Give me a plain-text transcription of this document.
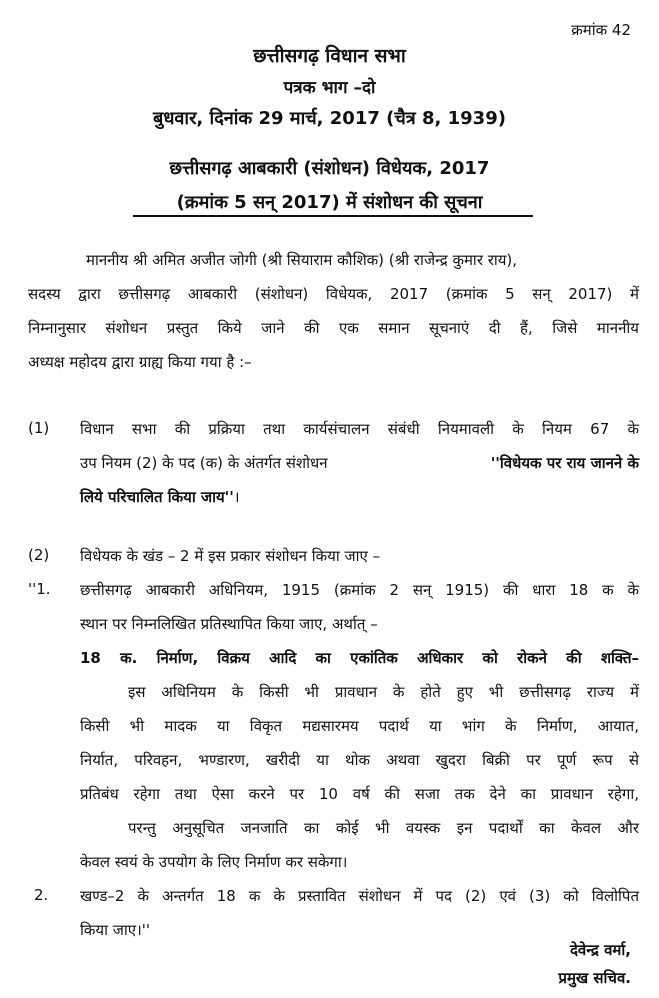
क्रमांक 42
छत्तीसगढ़ विधान सभा
पत्रक भाग –दो
बुधवार, दिनांक 29 मार्च, 2017 (चैत्र 8, 1939)
छत्तीसगढ़ आबकारी (संशोधन) विधेयक, 2017
(क्रमांक 5 सन् 2017) में संशोधन की सूचना
माननीय श्री अमित अजीत जोगी (श्री सियाराम कौशिक) (श्री राजेन्द्र कुमार राय),
सदस्य द्वारा छत्तीसगढ़ आबकारी (संशोधन) विधेयक, 2017 (क्रमांक 5 सन् 2017) में
निम्नानुसार संशोधन प्रस्तुत किये जाने की एक समान सूचनाएं दी हैं, जिसे माननीय
अध्यक्ष महोदय द्वारा ग्राह्य किया गया है :–
(1) विधान सभा की प्रक्रिया तथा कार्यसंचालन संबंधी नियमावली के नियम 67 के
उप नियम (2) के पद (क) के अंतर्गत संशोधन	''विधेयक पर राय जानने के
लिये परिचालित किया जाय''।
(2) विधेयक के खंड – 2 में इस प्रकार संशोधन किया जाए –
''1. छत्तीसगढ़ आबकारी अधिनियम, 1915 (क्रमांक 2 सन् 1915) की धारा 18 क के
स्थान पर निम्नलिखित प्रतिस्थापित किया जाए, अर्थात् –
18 क. निर्माण, विक्रय आदि का एकांतिक अधिकार को रोकने की शक्ति–
इस अधिनियम के किसी भी प्रावधान के होते हुए भी छत्तीसगढ़ राज्य में
किसी भी मादक या विकृत मद्यसारमय पदार्थ या भांग के निर्माण, आयात,
निर्यात, परिवहन, भण्डारण, खरीदी या थोक अथवा खुदरा बिक्री पर पूर्ण रूप से
प्रतिबंध रहेगा तथा ऐसा करने पर 10 वर्ष की सजा तक देने का प्रावधान रहेगा,
परन्तु अनुसूचित जनजाति का कोई भी वयस्क इन पदार्थों का केवल और
केवल स्वयं के उपयोग के लिए निर्माण कर सकेगा।
2. खण्ड–2 के अन्तर्गत 18 क के प्रस्तावित संशोधन में पद (2) एवं (3) को विलोपित
किया जाए।''
देवेन्द्र वर्मा,
प्रमुख सचिव.
